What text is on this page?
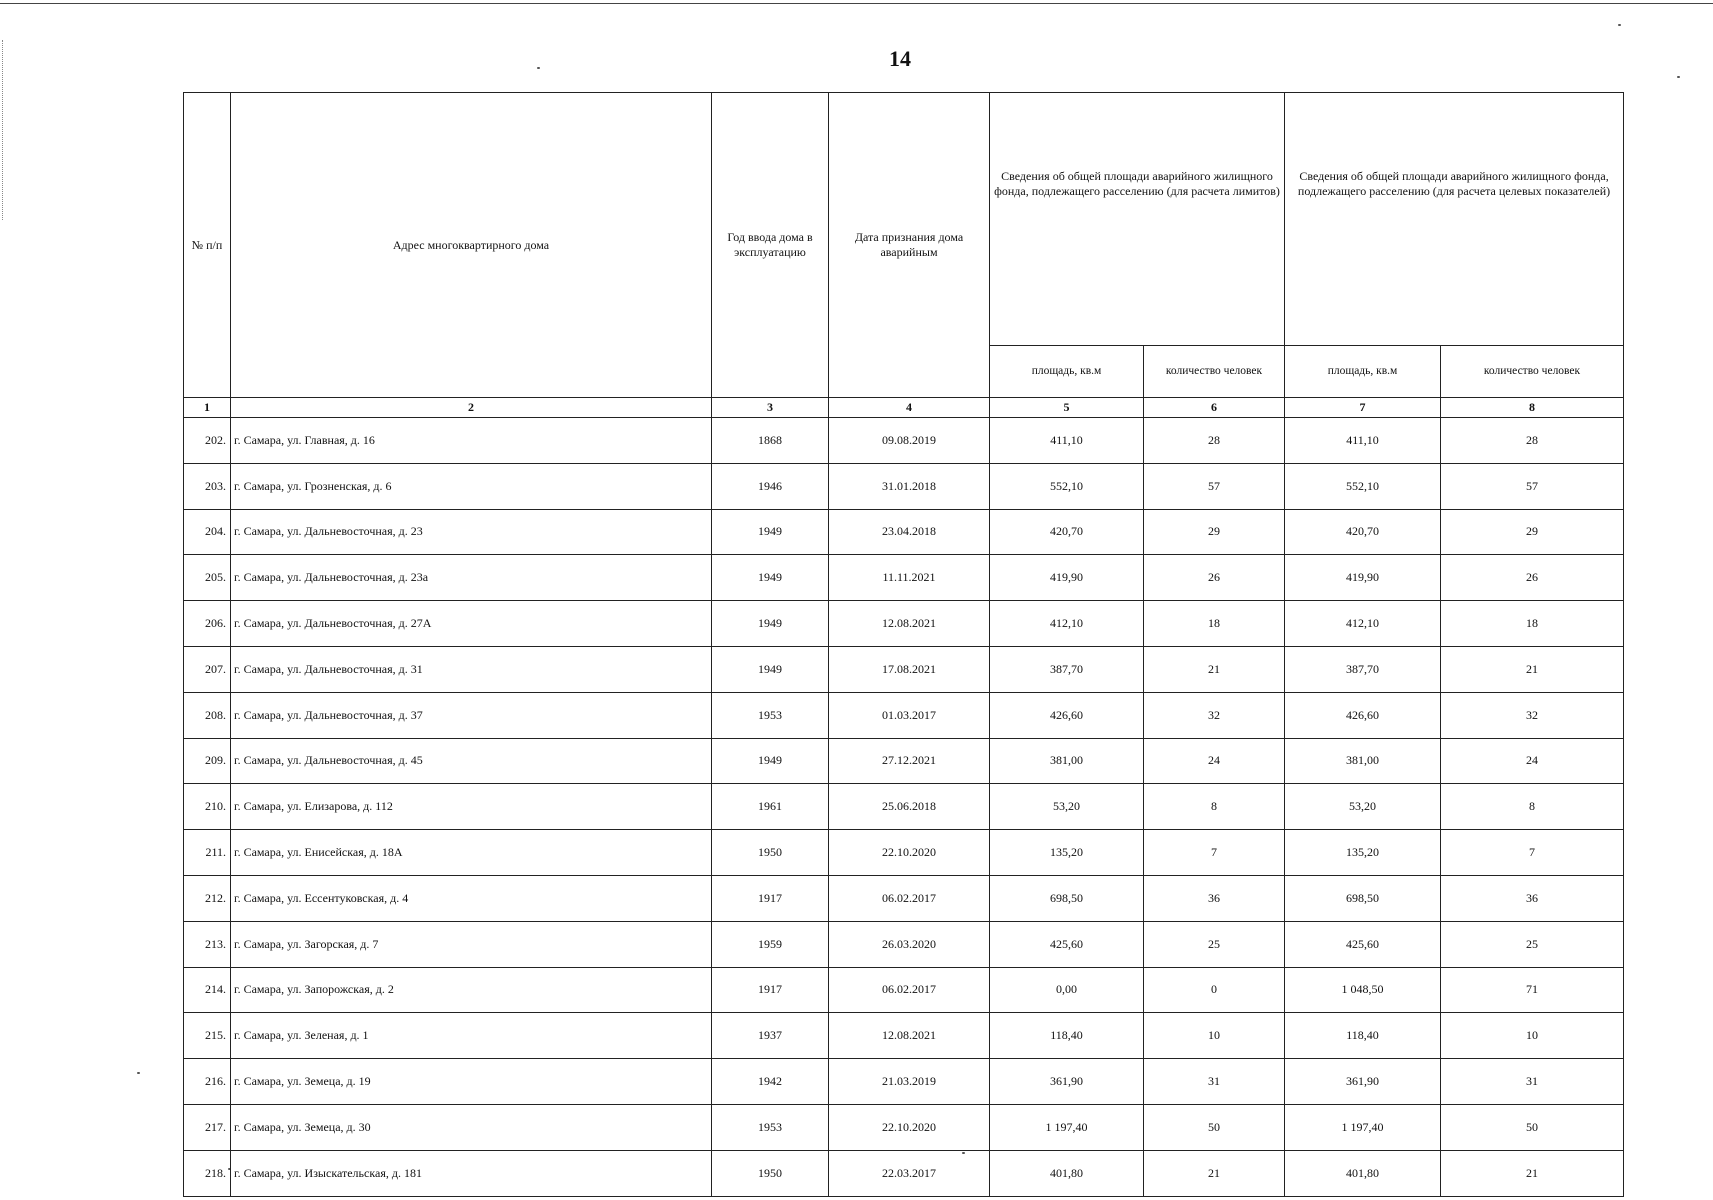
14
№ п/п	Адрес многоквартирного дома	Год ввода дома в эксплуатацию	Дата признания дома аварийным	Сведения об общей площади аварийного жилищного фонда, подлежащего расселению (для расчета лимитов)		Сведения об общей площади аварийного жилищного фонда, подлежащего расселению (для расчета целевых показателей)	
				площадь, кв.м	количество человек	площадь, кв.м	количество человек
1	2	3	4	5	6	7	8
202.	г. Самара, ул. Главная, д. 16	1868	09.08.2019	411,10	28	411,10	28
203.	г. Самара, ул. Грозненская, д. 6	1946	31.01.2018	552,10	57	552,10	57
204.	г. Самара, ул. Дальневосточная, д. 23	1949	23.04.2018	420,70	29	420,70	29
205.	г. Самара, ул. Дальневосточная, д. 23а	1949	11.11.2021	419,90	26	419,90	26
206.	г. Самара, ул. Дальневосточная, д. 27А	1949	12.08.2021	412,10	18	412,10	18
207.	г. Самара, ул. Дальневосточная, д. 31	1949	17.08.2021	387,70	21	387,70	21
208.	г. Самара, ул. Дальневосточная, д. 37	1953	01.03.2017	426,60	32	426,60	32
209.	г. Самара, ул. Дальневосточная, д. 45	1949	27.12.2021	381,00	24	381,00	24
210.	г. Самара, ул. Елизарова, д. 112	1961	25.06.2018	53,20	8	53,20	8
211.	г. Самара, ул. Енисейская, д. 18А	1950	22.10.2020	135,20	7	135,20	7
212.	г. Самара, ул. Ессентуковская, д. 4	1917	06.02.2017	698,50	36	698,50	36
213.	г. Самара, ул. Загорская, д. 7	1959	26.03.2020	425,60	25	425,60	25
214.	г. Самара, ул. Запорожская, д. 2	1917	06.02.2017	0,00	0	1 048,50	71
215.	г. Самара, ул. Зеленая, д. 1	1937	12.08.2021	118,40	10	118,40	10
216.	г. Самара, ул. Земеца, д. 19	1942	21.03.2019	361,90	31	361,90	31
217.	г. Самара, ул. Земеца, д. 30	1953	22.10.2020	1 197,40	50	1 197,40	50
218.	г. Самара, ул. Изыскательская, д. 181	1950	22.03.2017	401,80	21	401,80	21
